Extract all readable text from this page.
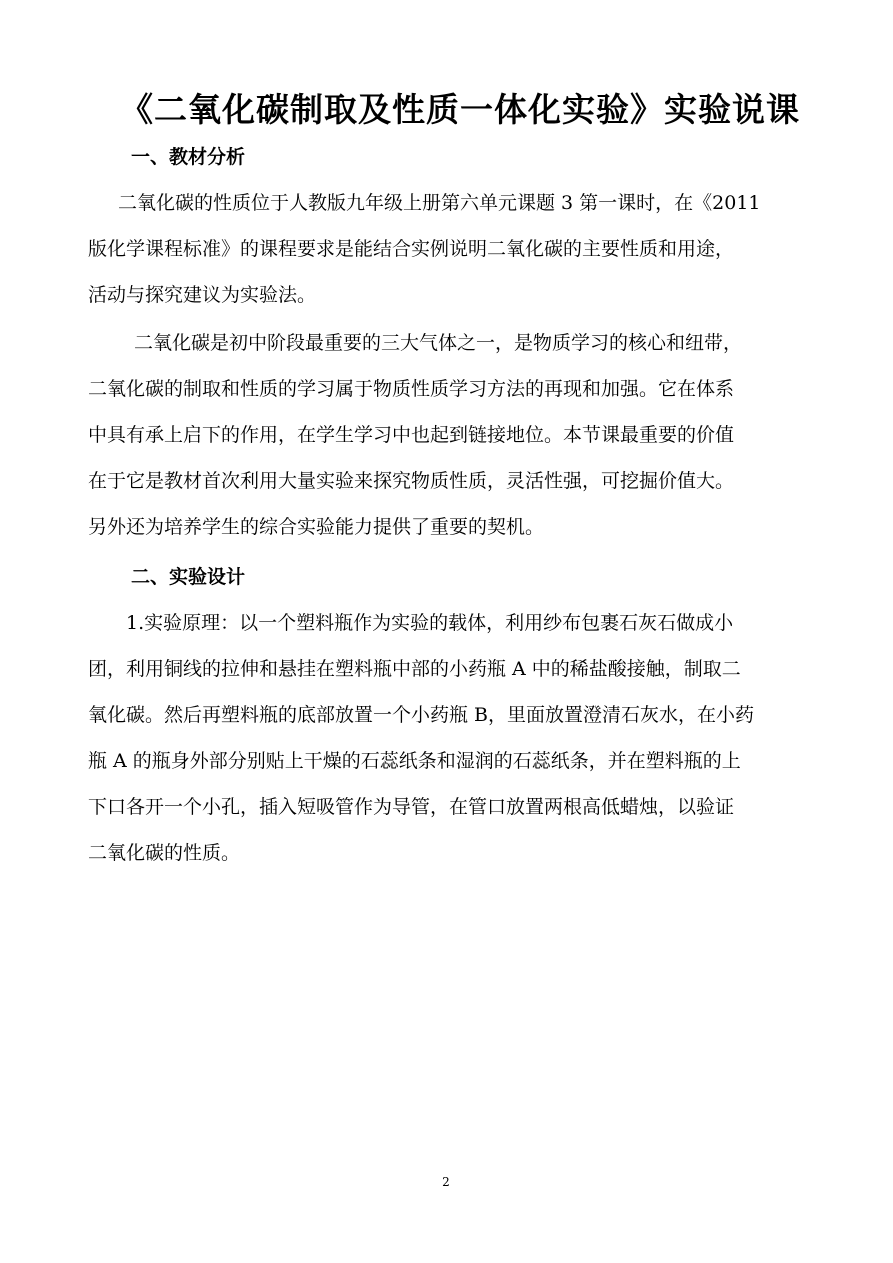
《二氧化碳制取及性质一体化实验》实验说课
一、教材分析
二氧化碳的性质位于人教版九年级上册第六单元课题 3 第一课时，在《2011
版化学课程标准》的课程要求是能结合实例说明二氧化碳的主要性质和用途，
活动与探究建议为实验法。
二氧化碳是初中阶段最重要的三大气体之一，是物质学习的核心和纽带，
二氧化碳的制取和性质的学习属于物质性质学习方法的再现和加强。它在体系
中具有承上启下的作用，在学生学习中也起到链接地位。本节课最重要的价值
在于它是教材首次利用大量实验来探究物质性质，灵活性强，可挖掘价值大。
另外还为培养学生的综合实验能力提供了重要的契机。
二、实验设计
1.实验原理：以一个塑料瓶作为实验的载体，利用纱布包裹石灰石做成小
团，利用铜线的拉伸和悬挂在塑料瓶中部的小药瓶 A 中的稀盐酸接触，制取二
氧化碳。然后再塑料瓶的底部放置一个小药瓶 B，里面放置澄清石灰水，在小药
瓶 A 的瓶身外部分别贴上干燥的石蕊纸条和湿润的石蕊纸条，并在塑料瓶的上
下口各开一个小孔，插入短吸管作为导管，在管口放置两根高低蜡烛，以验证
二氧化碳的性质。
2
